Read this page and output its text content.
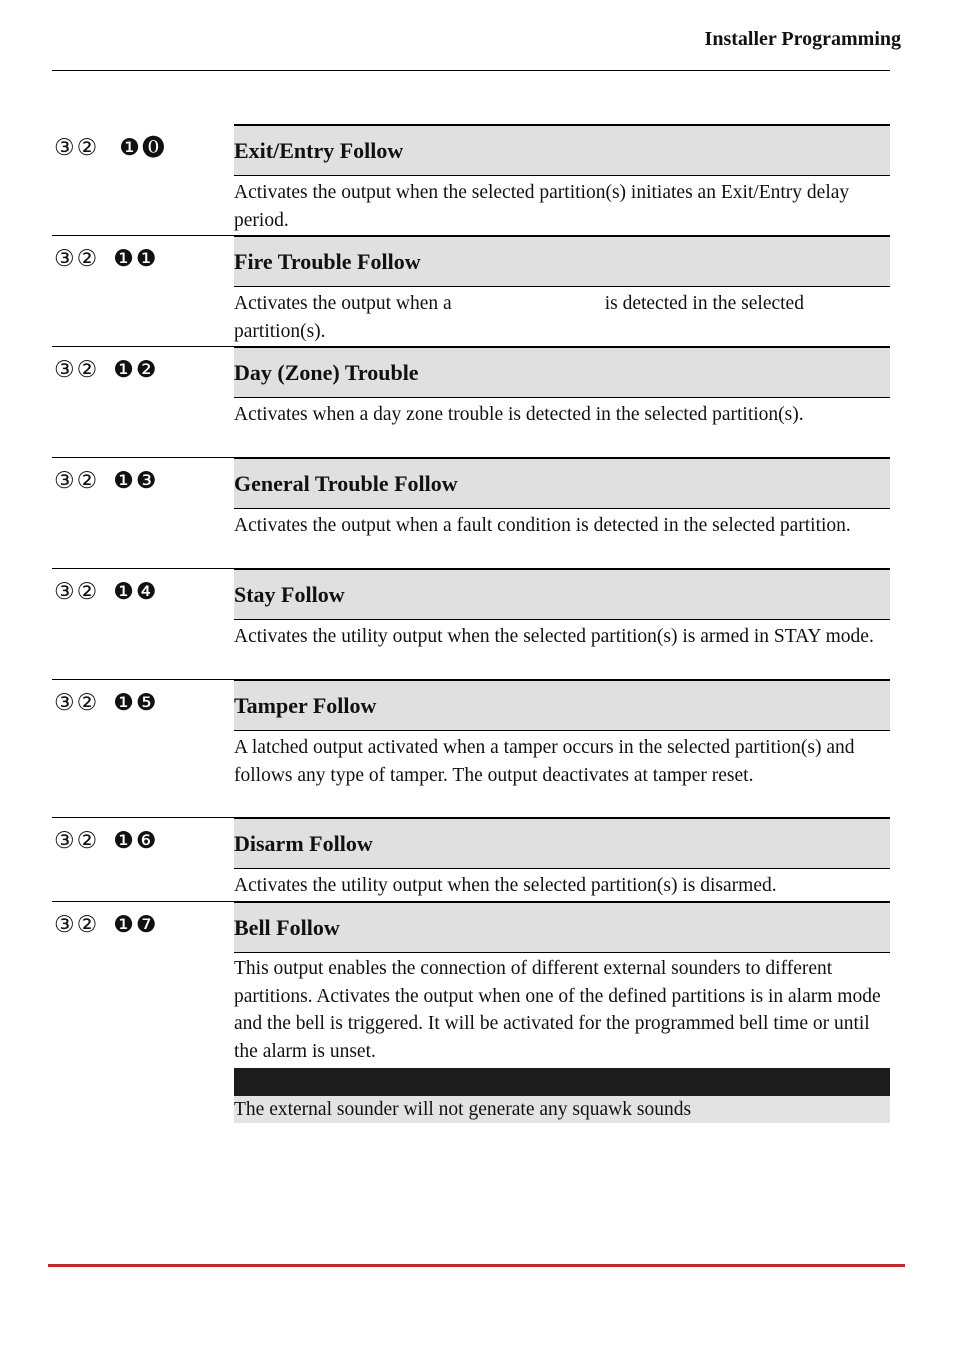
Installer Programming
③② ❶⓿	Exit/Entry Follow
Activates the output when the selected partition(s) initiates an Exit/Entry delay period.
③② ❶❶	Fire Trouble Follow
Activates the output when a	is detected in the selected partition(s).
③② ❶❷	Day (Zone) Trouble
Activates when a day zone trouble is detected in the selected partition(s).
③② ❶❸	General Trouble Follow
Activates the output when a fault condition is detected in the selected partition.
③② ❶❹	Stay Follow
Activates the utility output when the selected partition(s) is armed in STAY mode.
③② ❶❺	Tamper Follow
A latched output activated when a tamper occurs in the selected partition(s) and follows any type of tamper. The output deactivates at tamper reset.
③② ❶❻	Disarm Follow
Activates the utility output when the selected partition(s) is disarmed.
③② ❶❼	Bell Follow
This output enables the connection of different external sounders to different partitions. Activates the output when one of the defined partitions is in alarm mode and the bell is triggered. It will be activated for the programmed bell time or until the alarm is unset.
The external sounder will not generate any squawk sounds
